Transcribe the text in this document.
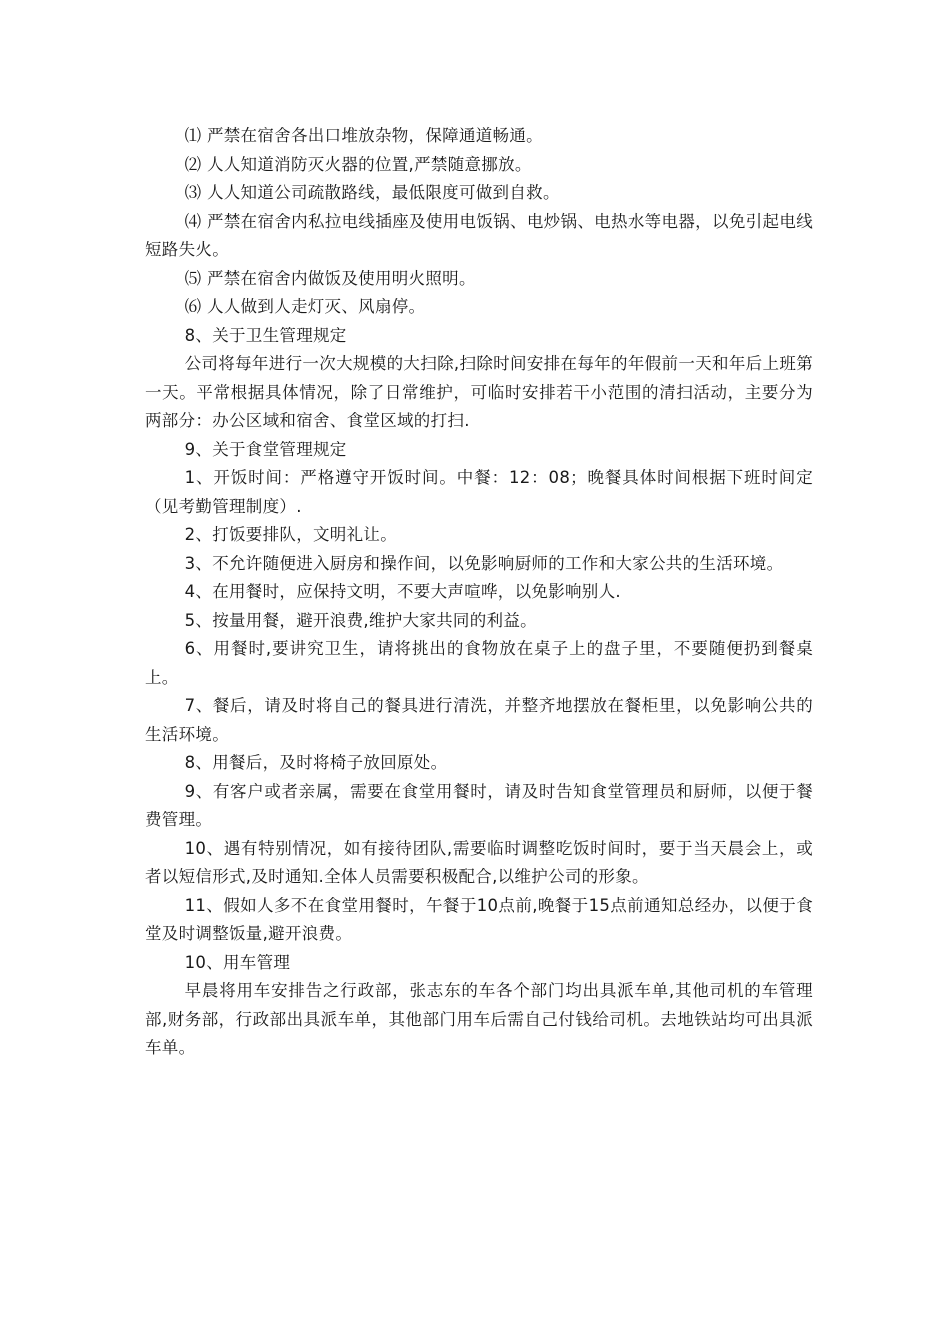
⑴ 严禁在宿舍各出口堆放杂物，保障通道畅通。

⑵ 人人知道消防灭火器的位置,严禁随意挪放。

⑶ 人人知道公司疏散路线，最低限度可做到自救。

⑷ 严禁在宿舍内私拉电线插座及使用电饭锅、电炒锅、电热水等电器，以免引起电线短路失火。

⑸ 严禁在宿舍内做饭及使用明火照明。

⑹ 人人做到人走灯灭、风扇停。

8、关于卫生管理规定

公司将每年进行一次大规模的大扫除,扫除时间安排在每年的年假前一天和年后上班第一天。平常根据具体情况，除了日常维护，可临时安排若干小范围的清扫活动，主要分为两部分：办公区域和宿舍、食堂区域的打扫.

9、关于食堂管理规定

1、开饭时间：严格遵守开饭时间。中餐：12：08；晚餐具体时间根据下班时间定（见考勤管理制度）.

2、打饭要排队，文明礼让。

3、不允许随便进入厨房和操作间，以免影响厨师的工作和大家公共的生活环境。

4、在用餐时，应保持文明，不要大声喧哗，以免影响别人.

5、按量用餐，避开浪费,维护大家共同的利益。

6、用餐时,要讲究卫生，请将挑出的食物放在桌子上的盘子里，不要随便扔到餐桌上。

7、餐后，请及时将自己的餐具进行清洗，并整齐地摆放在餐柜里，以免影响公共的生活环境。

8、用餐后，及时将椅子放回原处。

9、有客户或者亲属，需要在食堂用餐时，请及时告知食堂管理员和厨师，以便于餐费管理。

10、遇有特别情况，如有接待团队,需要临时调整吃饭时间时，要于当天晨会上，或者以短信形式,及时通知.全体人员需要积极配合,以维护公司的形象。

11、假如人多不在食堂用餐时，午餐于10点前,晚餐于15点前通知总经办，以便于食堂及时调整饭量,避开浪费。

10、用车管理

早晨将用车安排告之行政部，张志东的车各个部门均出具派车单,其他司机的车管理部,财务部，行政部出具派车单，其他部门用车后需自己付钱给司机。去地铁站均可出具派车单。
